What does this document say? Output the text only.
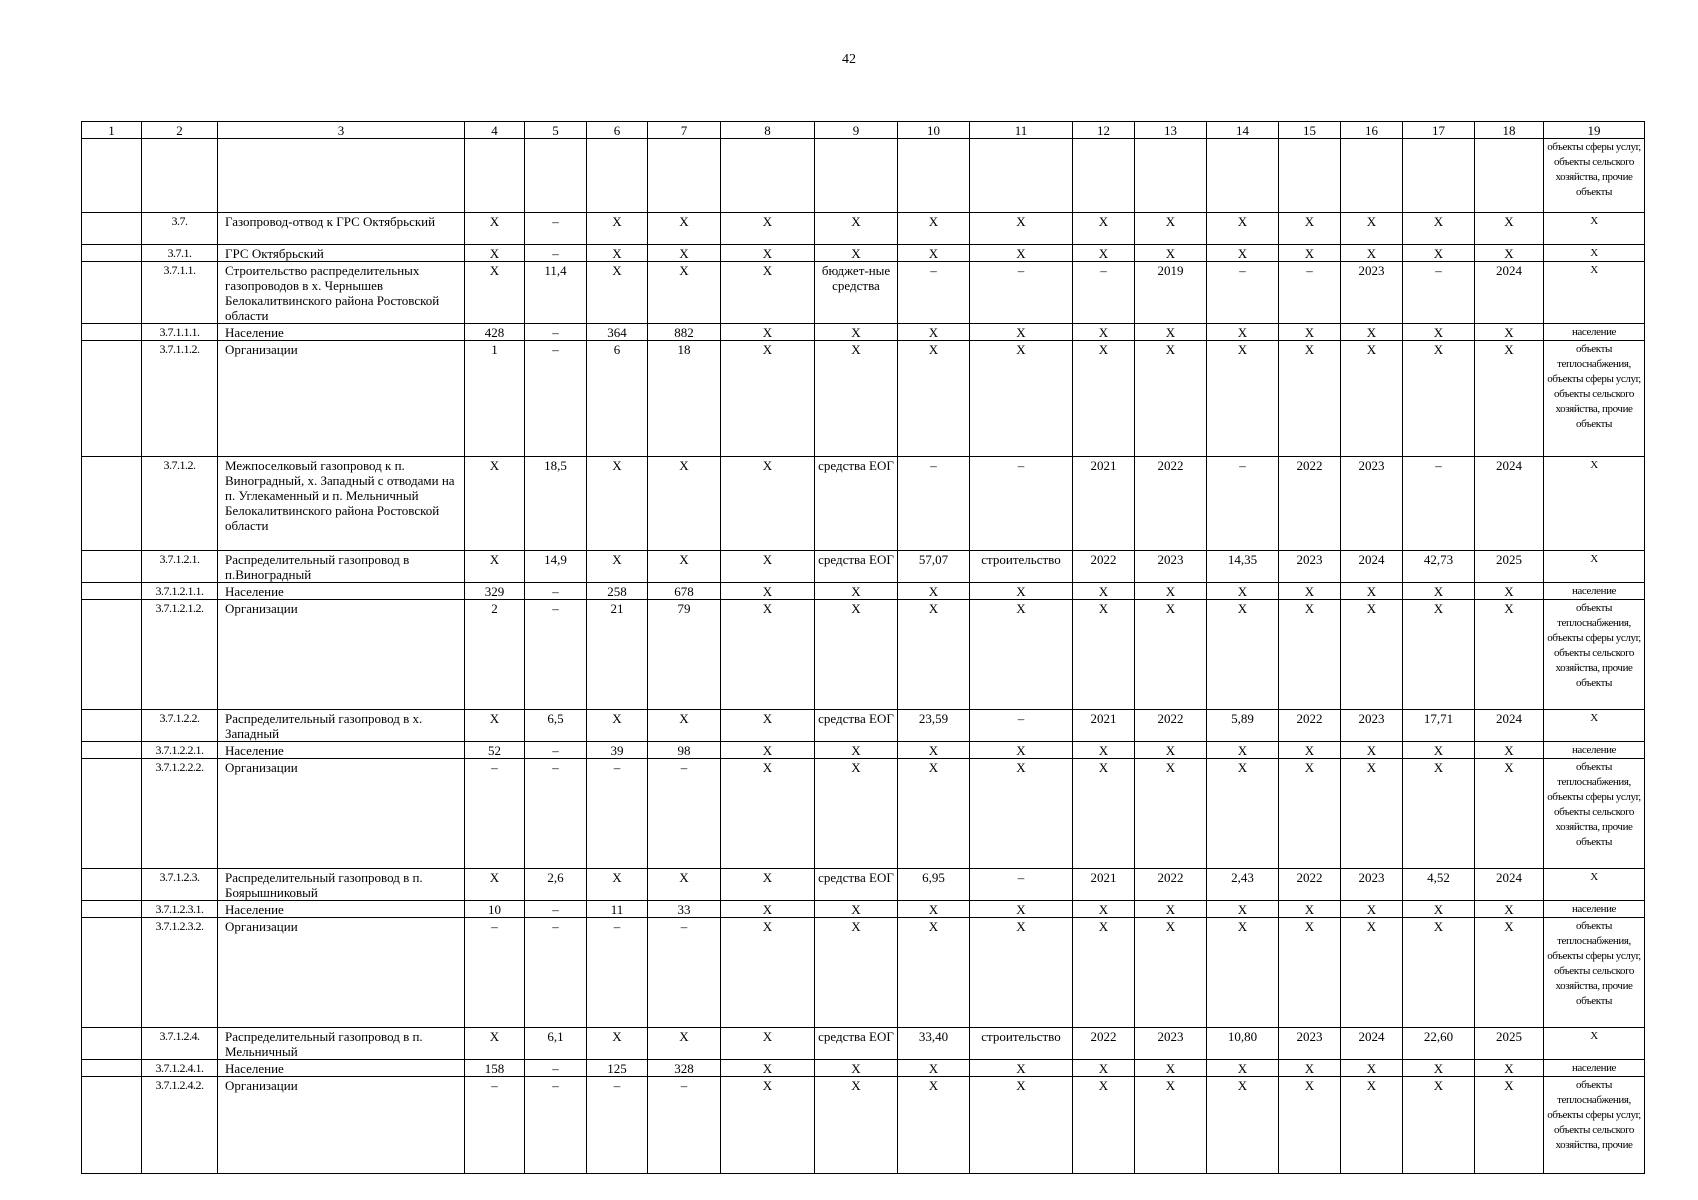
42
1	2	3	4	5	6	7	8	9	10	11	12	13	14	15	16	17	18	19
																		объекты сферы услуг, объекты сельского хозяйства, прочие объекты
	3.7.	Газопровод-отвод к ГРС Октябрьский	Х	–	Х	Х	Х	Х	Х	Х	Х	Х	Х	Х	Х	Х	Х	Х
	3.7.1.	ГРС Октябрьский	Х	–	Х	Х	Х	Х	Х	Х	Х	Х	Х	Х	Х	Х	Х	Х
	3.7.1.1.	Строительство распределительных газопроводов в х. Чернышев Белокалитвинского района Ростовской области	Х	11,4	Х	Х	Х	бюджет-ные средства	–	–	–	2019	–	–	2023	–	2024	Х
	3.7.1.1.1.	Население	428	–	364	882	Х	Х	Х	Х	Х	Х	Х	Х	Х	Х	Х	население
	3.7.1.1.2.	Организации	1	–	6	18	Х	Х	Х	Х	Х	Х	Х	Х	Х	Х	Х	объекты теплоснабжения, объекты сферы услуг, объекты сельского хозяйства, прочие объекты
	3.7.1.2.	Межпоселковый газопровод к п. Виноградный, х. Западный с отводами на п. Углекаменный и п. Мельничный Белокалитвинского района Ростовской области	Х	18,5	Х	Х	Х	средства ЕОГ	–	–	2021	2022	–	2022	2023	–	2024	Х
	3.7.1.2.1.	Распределительный газопровод в п.Виноградный	Х	14,9	Х	Х	Х	средства ЕОГ	57,07	строительство	2022	2023	14,35	2023	2024	42,73	2025	Х
	3.7.1.2.1.1.	Население	329	–	258	678	Х	Х	Х	Х	Х	Х	Х	Х	Х	Х	Х	население
	3.7.1.2.1.2.	Организации	2	–	21	79	Х	Х	Х	Х	Х	Х	Х	Х	Х	Х	Х	объекты теплоснабжения, объекты сферы услуг, объекты сельского хозяйства, прочие объекты
	3.7.1.2.2.	Распределительный газопровод в х. Западный	Х	6,5	Х	Х	Х	средства ЕОГ	23,59	–	2021	2022	5,89	2022	2023	17,71	2024	Х
	3.7.1.2.2.1.	Население	52	–	39	98	Х	Х	Х	Х	Х	Х	Х	Х	Х	Х	Х	население
	3.7.1.2.2.2.	Организации	–	–	–	–	Х	Х	Х	Х	Х	Х	Х	Х	Х	Х	Х	объекты теплоснабжения, объекты сферы услуг, объекты сельского хозяйства, прочие объекты
	3.7.1.2.3.	Распределительный газопровод в п. Боярышниковый	Х	2,6	Х	Х	Х	средства ЕОГ	6,95	–	2021	2022	2,43	2022	2023	4,52	2024	Х
	3.7.1.2.3.1.	Население	10	–	11	33	Х	Х	Х	Х	Х	Х	Х	Х	Х	Х	Х	население
	3.7.1.2.3.2.	Организации	–	–	–	–	Х	Х	Х	Х	Х	Х	Х	Х	Х	Х	Х	объекты теплоснабжения, объекты сферы услуг, объекты сельского хозяйства, прочие объекты
	3.7.1.2.4.	Распределительный газопровод в п. Мельничный	Х	6,1	Х	Х	Х	средства ЕОГ	33,40	строительство	2022	2023	10,80	2023	2024	22,60	2025	Х
	3.7.1.2.4.1.	Население	158	–	125	328	Х	Х	Х	Х	Х	Х	Х	Х	Х	Х	Х	население
	3.7.1.2.4.2.	Организации	–	–	–	–	Х	Х	Х	Х	Х	Х	Х	Х	Х	Х	Х	объекты теплоснабжения, объекты сферы услуг, объекты сельского хозяйства, прочие
